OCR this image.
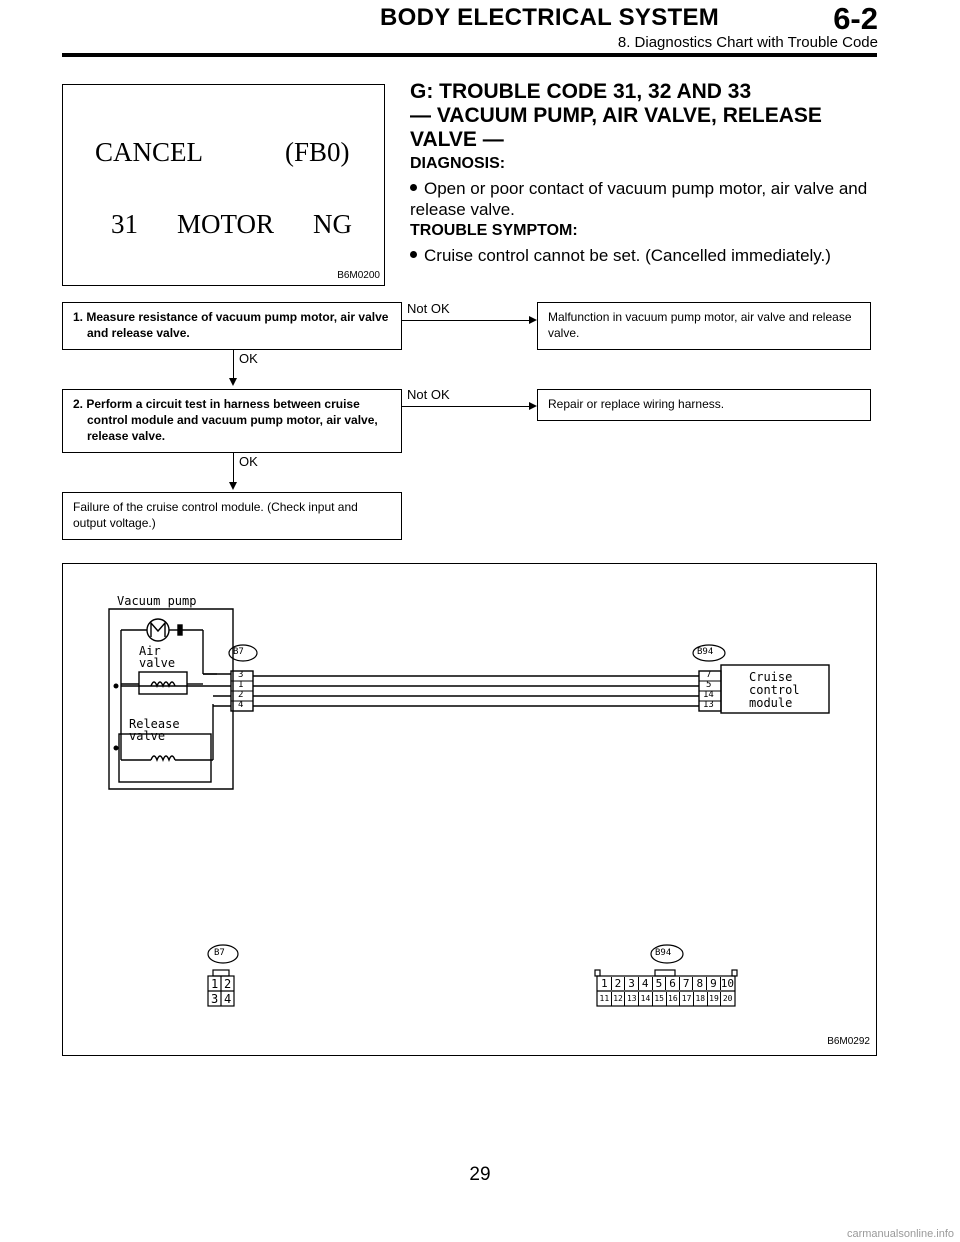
BODY ELECTRICAL SYSTEM	6-2
8. Diagnostics Chart with Trouble Code
CANCEL	(FB0)
31 MOTOR NG
B6M0200
G: TROUBLE CODE 31, 32 AND 33
— VACUUM PUMP, AIR VALVE, RELEASE
VALVE —
DIAGNOSIS:
Open or poor contact of vacuum pump motor, air valve and release valve.
TROUBLE SYMPTOM:
Cruise control cannot be set. (Cancelled immediately.)
1. Measure resistance of vacuum pump motor, air valve and release valve.
Not OK
Malfunction in vacuum pump motor, air valve and release valve.
OK
2. Perform a circuit test in harness between cruise control module and vacuum pump motor, air valve, release valve.
Not OK
Repair or replace wiring harness.
OK
Failure of the cruise control module. (Check input and output voltage.)
Vacuum pump
Air
valve
Release
valve
B7	B94
3
1
2
4
7
5
14
13
Cruise
control
module
B7	B94
1 2
3 4
1 2 3 4 5 6 7 8 9 10
11 12 13 14 15 16 17 18 19 20
B6M0292
29
carmanualsonline.info
